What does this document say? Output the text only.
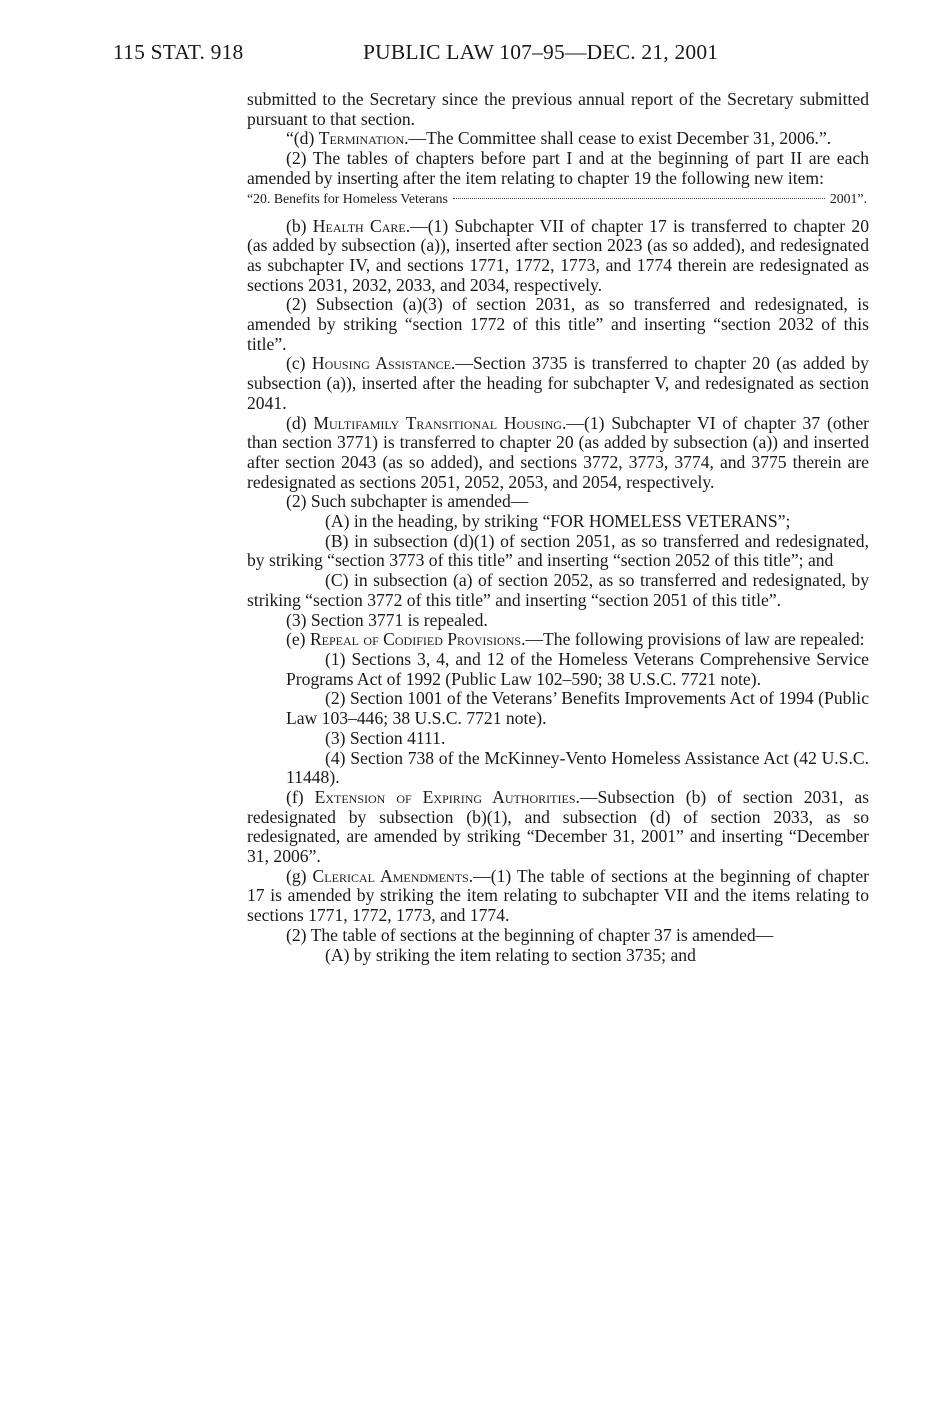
115 STAT. 918	PUBLIC LAW 107–95—DEC. 21, 2001

submitted to the Secretary since the previous annual report of the Secretary submitted pursuant to that section.

“(d) Termination.—The Committee shall cease to exist December 31, 2006.”.

(2) The tables of chapters before part I and at the beginning of part II are each amended by inserting after the item relating to chapter 19 the following new item:

“20. Benefits for Homeless Veterans	2001”.

(b) Health Care.—(1) Subchapter VII of chapter 17 is transferred to chapter 20 (as added by subsection (a)), inserted after section 2023 (as so added), and redesignated as subchapter IV, and sections 1771, 1772, 1773, and 1774 therein are redesignated as sections 2031, 2032, 2033, and 2034, respectively.

(2) Subsection (a)(3) of section 2031, as so transferred and redesignated, is amended by striking “section 1772 of this title” and inserting “section 2032 of this title”.

(c) Housing Assistance.—Section 3735 is transferred to chapter 20 (as added by subsection (a)), inserted after the heading for subchapter V, and redesignated as section 2041.

(d) Multifamily Transitional Housing.—(1) Subchapter VI of chapter 37 (other than section 3771) is transferred to chapter 20 (as added by subsection (a)) and inserted after section 2043 (as so added), and sections 3772, 3773, 3774, and 3775 therein are redesignated as sections 2051, 2052, 2053, and 2054, respectively.

(2) Such subchapter is amended—

(A) in the heading, by striking “FOR HOMELESS VETERANS”;

(B) in subsection (d)(1) of section 2051, as so transferred and redesignated, by striking “section 3773 of this title” and inserting “section 2052 of this title”; and

(C) in subsection (a) of section 2052, as so transferred and redesignated, by striking “section 3772 of this title” and inserting “section 2051 of this title”.

(3) Section 3771 is repealed.

(e) Repeal of Codified Provisions.—The following provisions of law are repealed:

(1) Sections 3, 4, and 12 of the Homeless Veterans Comprehensive Service Programs Act of 1992 (Public Law 102–590; 38 U.S.C. 7721 note).

(2) Section 1001 of the Veterans’ Benefits Improvements Act of 1994 (Public Law 103–446; 38 U.S.C. 7721 note).

(3) Section 4111.

(4) Section 738 of the McKinney-Vento Homeless Assistance Act (42 U.S.C. 11448).

(f) Extension of Expiring Authorities.—Subsection (b) of section 2031, as redesignated by subsection (b)(1), and subsection (d) of section 2033, as so redesignated, are amended by striking “December 31, 2001” and inserting “December 31, 2006”.

(g) Clerical Amendments.—(1) The table of sections at the beginning of chapter 17 is amended by striking the item relating to subchapter VII and the items relating to sections 1771, 1772, 1773, and 1774.

(2) The table of sections at the beginning of chapter 37 is amended—

(A) by striking the item relating to section 3735; and
